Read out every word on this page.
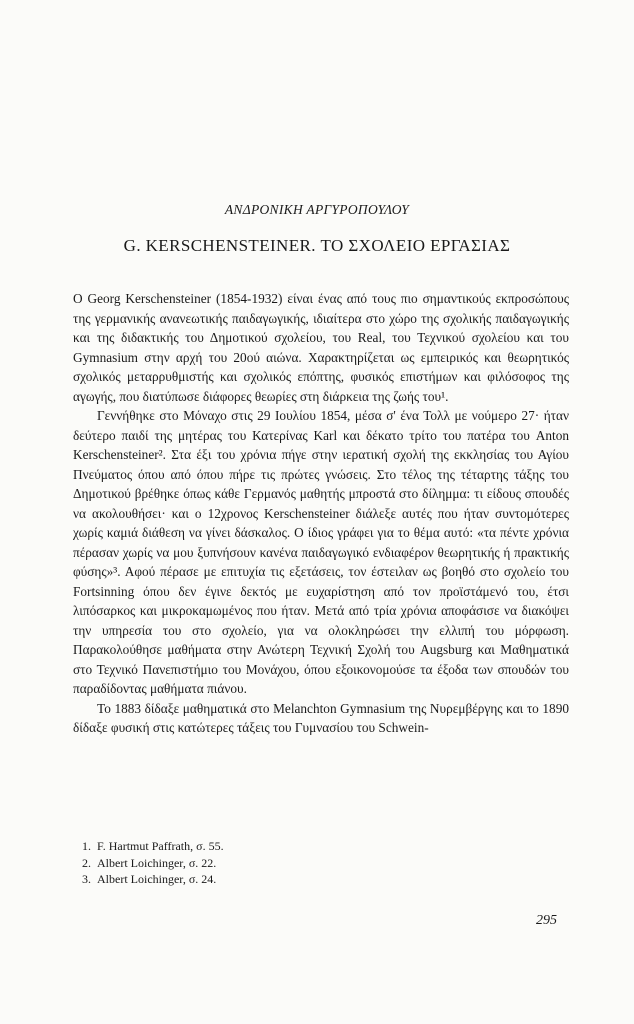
ΑΝΔΡΟΝΙΚΗ ΑΡΓΥΡΟΠΟΥΛΟΥ
G. KERSCHENSTEINER. ΤΟ ΣΧΟΛΕΙΟ ΕΡΓΑΣΙΑΣ

Ο Georg Kerschensteiner (1854-1932) είναι ένας από τους πιο σημαντικούς εκπροσώπους της γερμανικής ανανεωτικής παιδαγωγικής, ιδιαίτερα στο χώρο της σχολικής παιδαγωγικής και της διδακτικής του Δημοτικού σχολείου, του Real, του Τεχνικού σχολείου και του Gymnasium στην αρχή του 20ού αιώνα. Χαρακτηρίζεται ως εμπειρικός και θεωρητικός σχολικός μεταρρυθμιστής και σχολικός επόπτης, φυσικός επιστήμων και φιλόσοφος της αγωγής, που διατύπωσε διάφορες θεωρίες στη διάρκεια της ζωής του¹.

Γεννήθηκε στο Μόναχο στις 29 Ιουλίου 1854, μέσα σ' ένα Τολλ με νούμερο 27· ήταν δεύτερο παιδί της μητέρας του Κατερίνας Karl και δέκατο τρίτο του πατέρα του Anton Kerschensteiner². Στα έξι του χρόνια πήγε στην ιερατική σχολή της εκκλησίας του Αγίου Πνεύματος όπου από όπου πήρε τις πρώτες γνώσεις. Στο τέλος της τέταρτης τάξης του Δημοτικού βρέθηκε όπως κάθε Γερμανός μαθητής μπροστά στο δίλημμα: τι είδους σπουδές να ακολουθήσει· και ο 12χρονος Kerschensteiner διάλεξε αυτές που ήταν συντομότερες χωρίς καμιά διάθεση να γίνει δάσκαλος. Ο ίδιος γράφει για το θέμα αυτό: «τα πέντε χρόνια πέρασαν χωρίς να μου ξυπνήσουν κανένα παιδαγωγικό ενδιαφέρον θεωρητικής ή πρακτικής φύσης»³. Αφού πέρασε με επιτυχία τις εξετάσεις, τον έστειλαν ως βοηθό στο σχολείο του Fortsinning όπου δεν έγινε δεκτός με ευχαρίστηση από τον προϊστάμενό του, έτσι λιπόσαρκος και μικροκαμωμένος που ήταν. Μετά από τρία χρόνια αποφάσισε να διακόψει την υπηρεσία του στο σχολείο, για να ολοκληρώσει την ελλιπή του μόρφωση. Παρακολούθησε μαθήματα στην Ανώτερη Τεχνική Σχολή του Augsburg και Μαθηματικά στο Τεχνικό Πανεπιστήμιο του Μονάχου, όπου εξοικονομούσε τα έξοδα των σπουδών του παραδίδοντας μαθήματα πιάνου.

Το 1883 δίδαξε μαθηματικά στο Melanchton Gymnasium της Νυρεμβέργης και το 1890 δίδαξε φυσική στις κατώτερες τάξεις του Γυμνασίου του Schwein-

1. F. Hartmut Paffrath, σ. 55.
2. Albert Loichinger, σ. 22.
3. Albert Loichinger, σ. 24.
295
